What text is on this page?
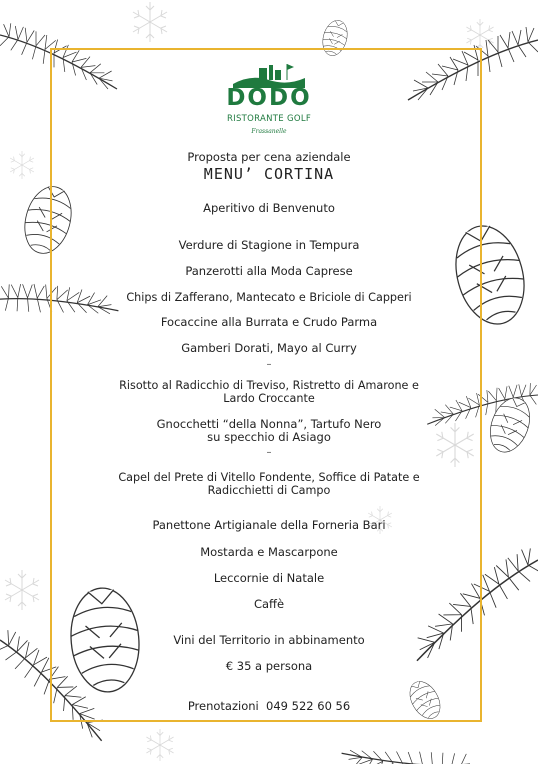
DODO
RISTORANTE GOLF
Frassanelle
Proposta per cena aziendale
MENU’ CORTINA
Aperitivo di Benvenuto
Verdure di Stagione in Tempura
Panzerotti alla Moda Caprese
Chips di Zafferano, Mantecato e Briciole di Capperi
Focaccine alla Burrata e Crudo Parma
Gamberi Dorati, Mayo al Curry
–
Risotto al Radicchio di Treviso, Ristretto di Amarone e
Lardo Croccante
Gnocchetti “della Nonna”, Tartufo Nero
su specchio di Asiago
–
Capel del Prete di Vitello Fondente, Soffice di Patate e
Radicchietti di Campo
Panettone Artigianale della Forneria Bari
Mostarda e Mascarpone
Leccornie di Natale
Caffè
Vini del Territorio in abbinamento
€ 35 a persona
Prenotazioni 049 522 60 56
